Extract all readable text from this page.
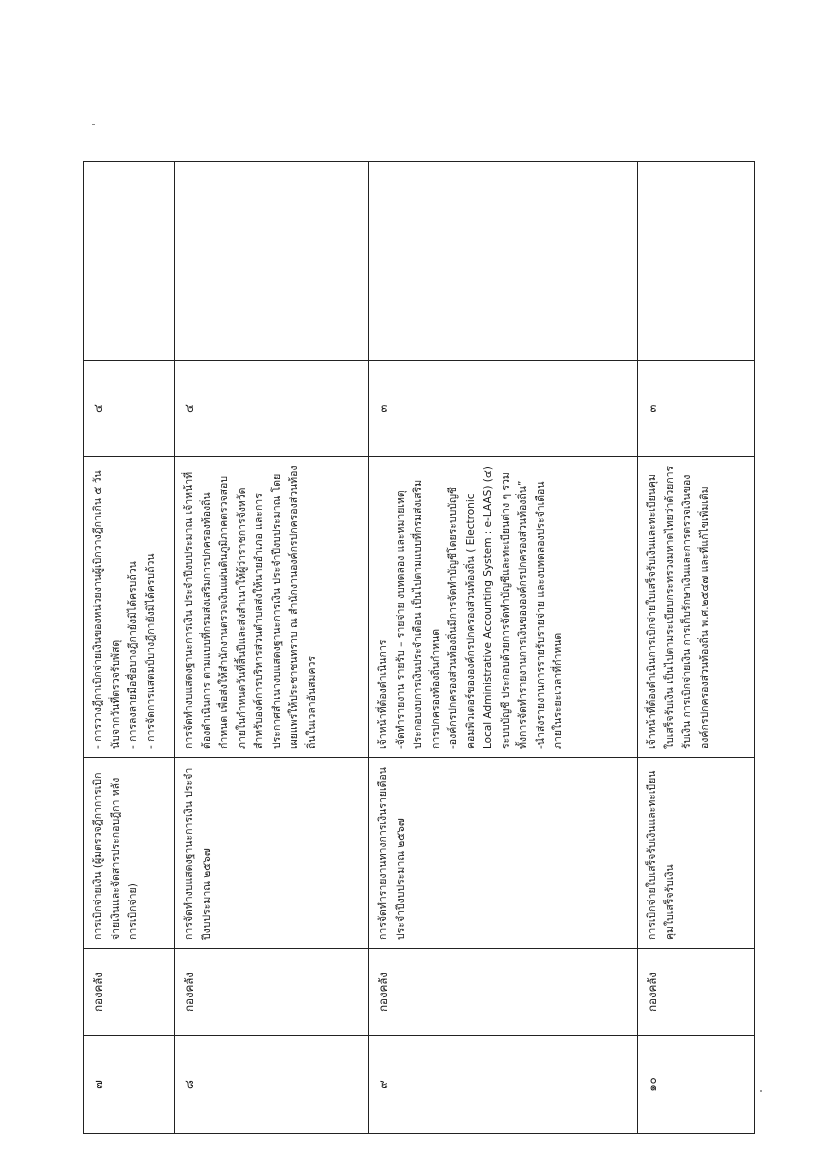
๗	กองคลัง	การเบิกจ่ายเงิน (ผู้มตรวจฎีกาการเบิกจ่ายเงินและจัดสารประกอบฎีกา หลังการเบิกจ่าย)	- การวางฎีกาเบิกจ่ายเงินของหน่วยงานผู้เบิกวางฎีกาเกิน ๕ วัน นับจากวันที่ตรวจรับพัสดุ - การลงลายมือชื่อบางฎีกายังมิได้ครบถ้วน - การจัดการแสตมป์บางฎีกายังมิได้ครบถ้วน	๔	
๘	กองคลัง	การจัดทำงบแสดงฐานะการเงิน ประจำปีงบประมาณ ๒๕๖๗	การจัดทำงบแสดงฐานะการเงิน ประจำปีงบประมาณ เจ้าหน้าที่ต้องดำเนินการ ตามแบบที่กรมส่งเสริมการปกครองท้องถิ่นกำหนด เพื่อส่งให้สำนักงานตรวจเงินแผ่นดินภูมิภาคตรวจสอบภายในกำหนดวันที่สิ้นปีและส่งสำเนาให้ผู้ว่าราชการจังหวัด สำหรับองค์การบริหารส่วนตำบลส่งให้นายอำเภอ และการประกาศสำเนางบแสดงฐานะการเงิน ประจำปีงบประมาณ โดยเผยแพร่ให้ประชาชนทราบ ณ สำนักงานองค์กรปกครองส่วนท้องถิ่นในเวลาอันสมควร	๔	
๙	กองคลัง	การจัดทำรายงานทางการเงินรายเดือน ประจำปีงบประมาณ ๒๕๖๗	เจ้าหน้าที่ต้องดำเนินการ -จัดทำรายงาน รายรับ – รายจ่าย งบทดลอง และหมายเหตุประกอบงบการเงินประจำเดือน เป็นไปตามแบบที่กรมส่งเสริมการปกครองท้องถิ่นกำหนด -องค์กรปกครองส่วนท้องถิ่นมีการจัดทำบัญชีโดยระบบบัญชีคอมพิวเตอร์ขององค์กรปกครองส่วนท้องถิ่น ( Electronic Local Administrative Accounting System : e-LAAS) (๔) ระบบบัญชี ประกอบด้วยการจัดทำบัญชีและทะเบียนต่าง ๆ รวมทั้งการจัดทำรายงานการเงินขององค์กรปกครองส่วนท้องถิ่น” -นำส่งรายงานการรายรับรายจ่าย และงบทดลองประจำเดือน ภายในระยะเวลาที่กำหนด	๓	
๑๐	กองคลัง	การเบิกจ่ายใบเสร็จรับเงินและทะเบียนคุมใบเสร็จรับเงิน	เจ้าหน้าที่ต้องดำเนินการเบิกจ่ายใบเสร็จรับเงินและทะเบียนคุมใบเสร็จรับเงิน เป็นไปตามระเบียบกระทรวงมหาดไทยว่าด้วยการรับเงิน การเบิกจ่ายเงิน การเก็บรักษาเงินและการตรวจเงินขององค์กรปกครองส่วนท้องถิ่น พ.ศ.๒๕๔๗ และที่แก้ไขเพิ่มเติม	๓	
